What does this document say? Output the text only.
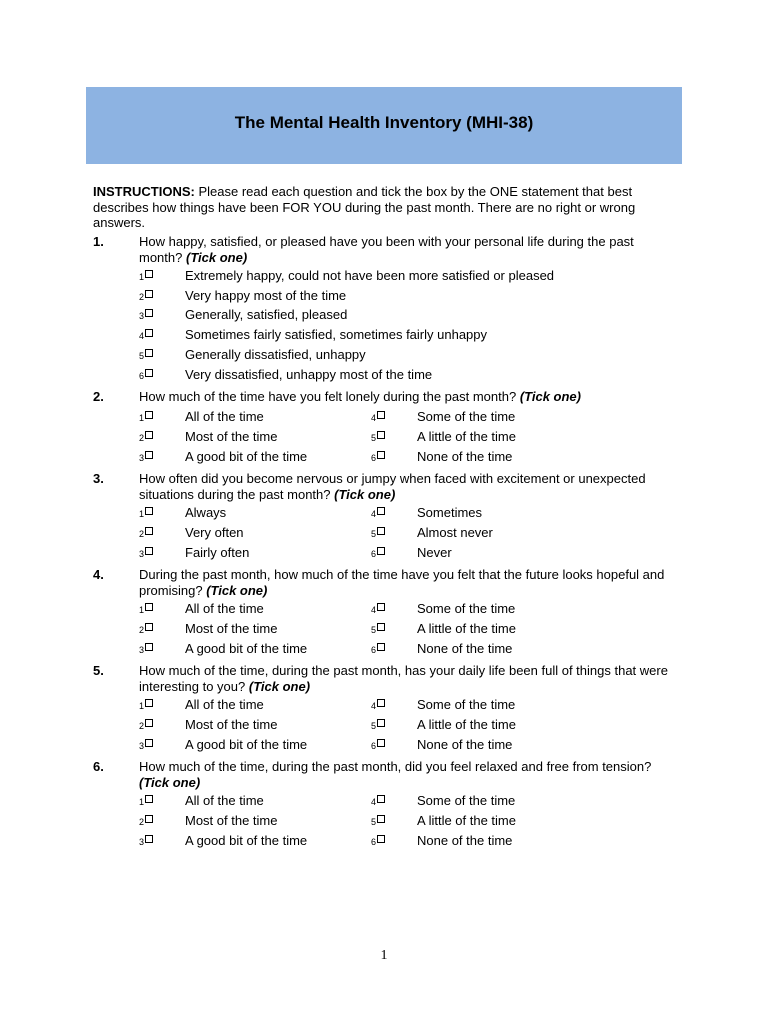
The Mental Health Inventory (MHI-38)
INSTRUCTIONS: Please read each question and tick the box by the ONE statement that best describes how things have been FOR YOU during the past month. There are no right or wrong answers.
1.	How happy, satisfied, or pleased have you been with your personal life during the past month? (Tick one)
1	Extremely happy, could not have been more satisfied or pleased
2	Very happy most of the time
3	Generally, satisfied, pleased
4	Sometimes fairly satisfied, sometimes fairly unhappy
5	Generally dissatisfied, unhappy
6	Very dissatisfied, unhappy most of the time
2.	How much of the time have you felt lonely during the past month? (Tick one)
1	All of the time
2	Most of the time
3	A good bit of the time
4	Some of the time
5	A little of the time
6	None of the time
3.	How often did you become nervous or jumpy when faced with excitement or unexpected situations during the past month? (Tick one)
1	Always
2	Very often
3	Fairly often
4	Sometimes
5	Almost never
6	Never
4.	During the past month, how much of the time have you felt that the future looks hopeful and promising? (Tick one)
1	All of the time
2	Most of the time
3	A good bit of the time
4	Some of the time
5	A little of the time
6	None of the time
5.	How much of the time, during the past month, has your daily life been full of things that were interesting to you? (Tick one)
1	All of the time
2	Most of the time
3	A good bit of the time
4	Some of the time
5	A little of the time
6	None of the time
6.	How much of the time, during the past month, did you feel relaxed and free from tension?
(Tick one)
1	All of the time
2	Most of the time
3	A good bit of the time
4	Some of the time
5	A little of the time
6	None of the time
1
